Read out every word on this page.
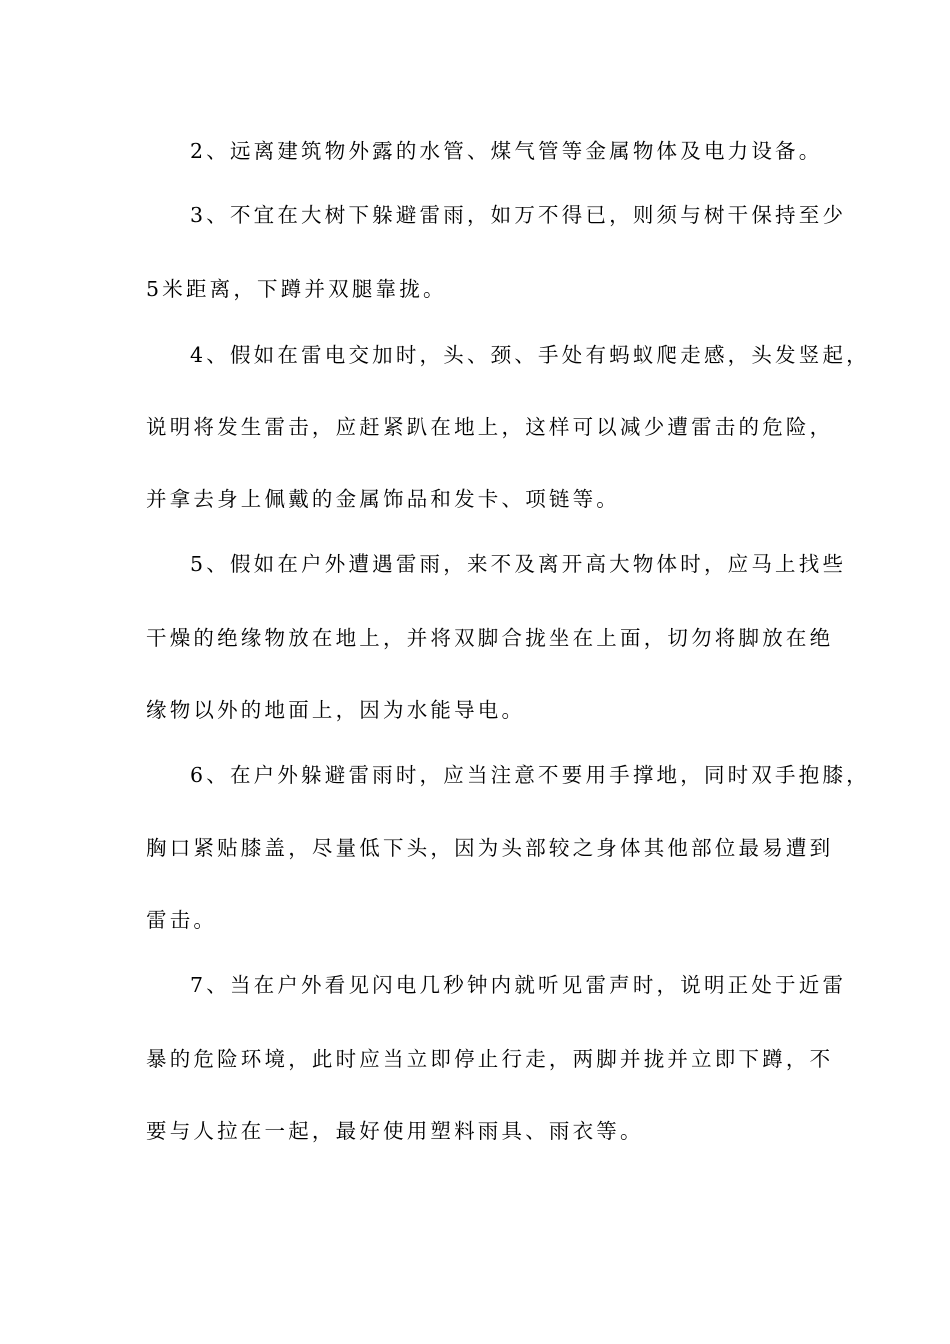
2、远离建筑物外露的水管、煤气管等金属物体及电力设备。
3、不宜在大树下躲避雷雨，如万不得已，则须与树干保持至少
5米距离，下蹲并双腿靠拢。
4、假如在雷电交加时，头、颈、手处有蚂蚁爬走感，头发竖起，
说明将发生雷击，应赶紧趴在地上，这样可以减少遭雷击的危险，
并拿去身上佩戴的金属饰品和发卡、项链等。
5、假如在户外遭遇雷雨，来不及离开高大物体时，应马上找些
干燥的绝缘物放在地上，并将双脚合拢坐在上面，切勿将脚放在绝
缘物以外的地面上，因为水能导电。
6、在户外躲避雷雨时，应当注意不要用手撑地，同时双手抱膝，
胸口紧贴膝盖，尽量低下头，因为头部较之身体其他部位最易遭到
雷击。
7、当在户外看见闪电几秒钟内就听见雷声时，说明正处于近雷
暴的危险环境，此时应当立即停止行走，两脚并拢并立即下蹲，不
要与人拉在一起，最好使用塑料雨具、雨衣等。
